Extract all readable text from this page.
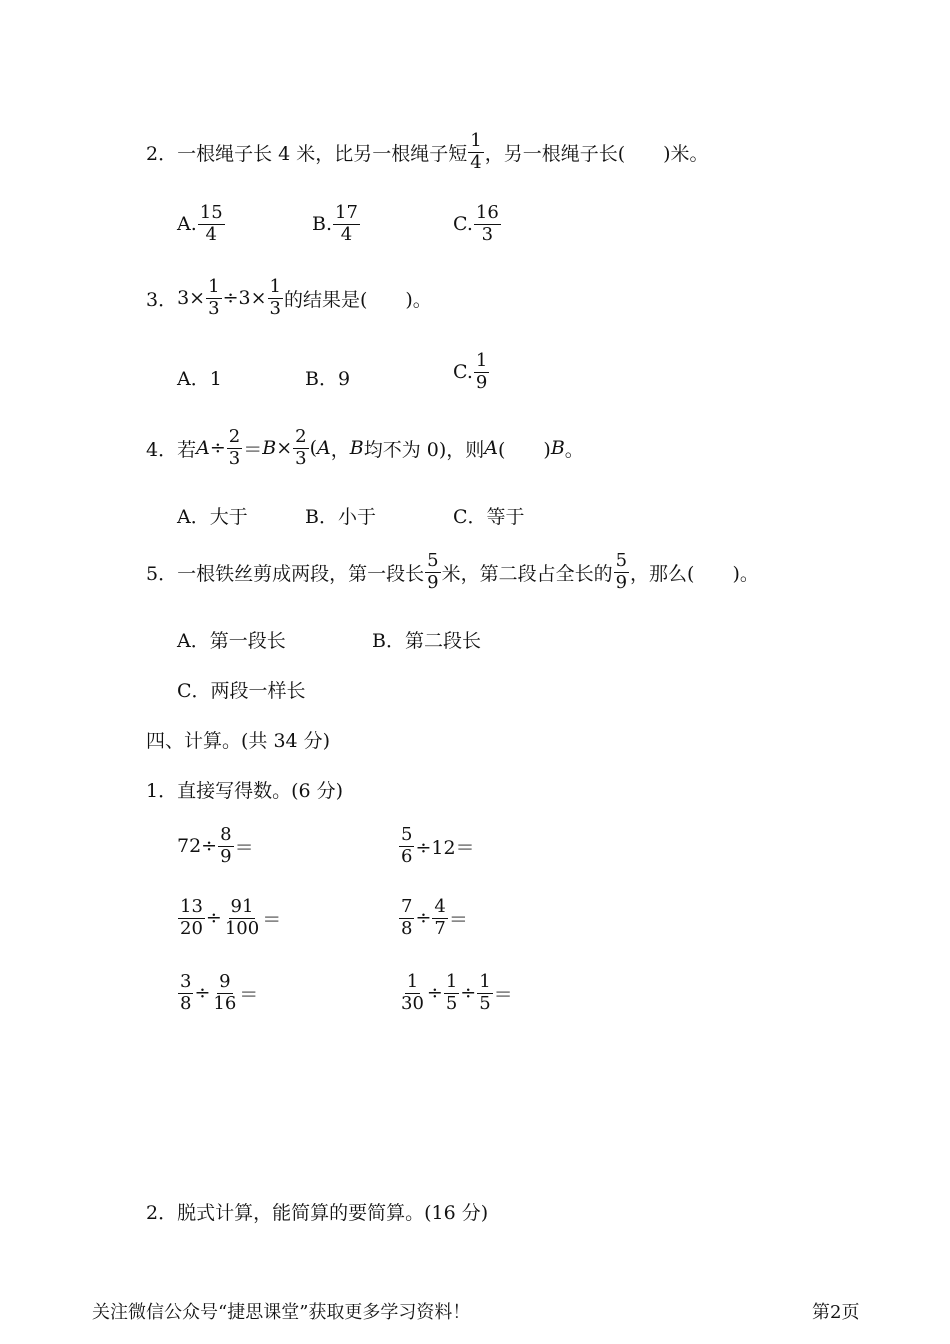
2． 一根绳子长 4 米，比另一根绳子短 $\frac{1}{4}$ ，另一根绳子长(　　)米。
A. $\frac{15}{4}$	B. $\frac{17}{4}$	C. $\frac{16}{3}$
3． $3\times \frac{1}{3} \div 3\times \frac{1}{3}$ 的结果是(　　)。
A．1	B．9	C. $\frac{1}{9}$
4． 若 $A \div \frac{2}{3} = B \times \frac{2}{3}$ ( A ， B 均不为 0)，则 A (　　) B 。
A．大于	B．小于	C．等于
5． 一根铁丝剪成两段，第一段长 $\frac{5}{9}$ 米，第二段占全长的 $\frac{5}{9}$ ，那么(　　)。
A．第一段长	B．第二段长
C．两段一样长
四、计算。(共 34 分)
1．直接写得数。(6 分)
$72\div \frac{8}{9}$ ＝	$\frac{5}{6} \div 12=$
$\frac{13}{20} \div \frac{91}{100}$ ＝	$\frac{7}{8} \div \frac{4}{7}$ ＝
$\frac{3}{8} \div \frac{9}{16}$ ＝	$\frac{1}{30} \div \frac{1}{5} \div \frac{1}{5}$ ＝
2．脱式计算，能简算的要简算。(16 分)
关注微信公众号“捷思课堂”获取更多学习资料！	第2页
